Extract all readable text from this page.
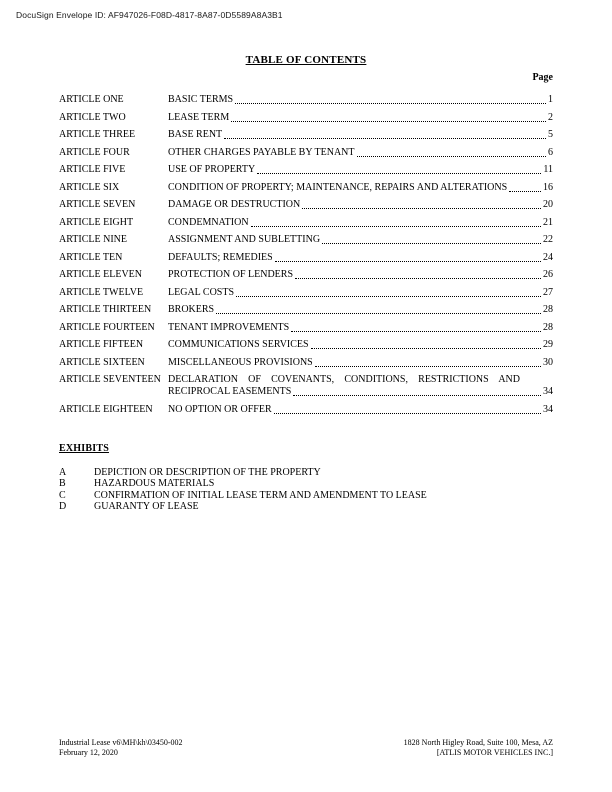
DocuSign Envelope ID: AF947026-F08D-4817-8A87-0D5589A8A3B1
TABLE OF CONTENTS
Page
ARTICLE ONE	BASIC TERMS	1
ARTICLE TWO	LEASE TERM	2
ARTICLE THREE	BASE RENT	5
ARTICLE FOUR	OTHER CHARGES PAYABLE BY TENANT	6
ARTICLE FIVE	USE OF PROPERTY	11
ARTICLE SIX	CONDITION OF PROPERTY; MAINTENANCE, REPAIRS AND ALTERATIONS	16
ARTICLE SEVEN	DAMAGE OR DESTRUCTION	20
ARTICLE EIGHT	CONDEMNATION	21
ARTICLE NINE	ASSIGNMENT AND SUBLETTING	22
ARTICLE TEN	DEFAULTS; REMEDIES	24
ARTICLE ELEVEN	PROTECTION OF LENDERS	26
ARTICLE TWELVE	LEGAL COSTS	27
ARTICLE THIRTEEN	BROKERS	28
ARTICLE FOURTEEN	TENANT IMPROVEMENTS	28
ARTICLE FIFTEEN	COMMUNICATIONS SERVICES	29
ARTICLE SIXTEEN	MISCELLANEOUS PROVISIONS	30
ARTICLE SEVENTEEN DECLARATION OF COVENANTS, CONDITIONS, RESTRICTIONS AND
RECIPROCAL EASEMENTS	34
ARTICLE EIGHTEEN	NO OPTION OR OFFER	34
EXHIBITS
A	DEPICTION OR DESCRIPTION OF THE PROPERTY
B	HAZARDOUS MATERIALS
C	CONFIRMATION OF INITIAL LEASE TERM AND AMENDMENT TO LEASE
D	GUARANTY OF LEASE
Industrial Lease v6\MH\kh\03450-002
February 12, 2020
1828 North Higley Road, Suite 100, Mesa, AZ
[ATLIS MOTOR VEHICLES INC.]
